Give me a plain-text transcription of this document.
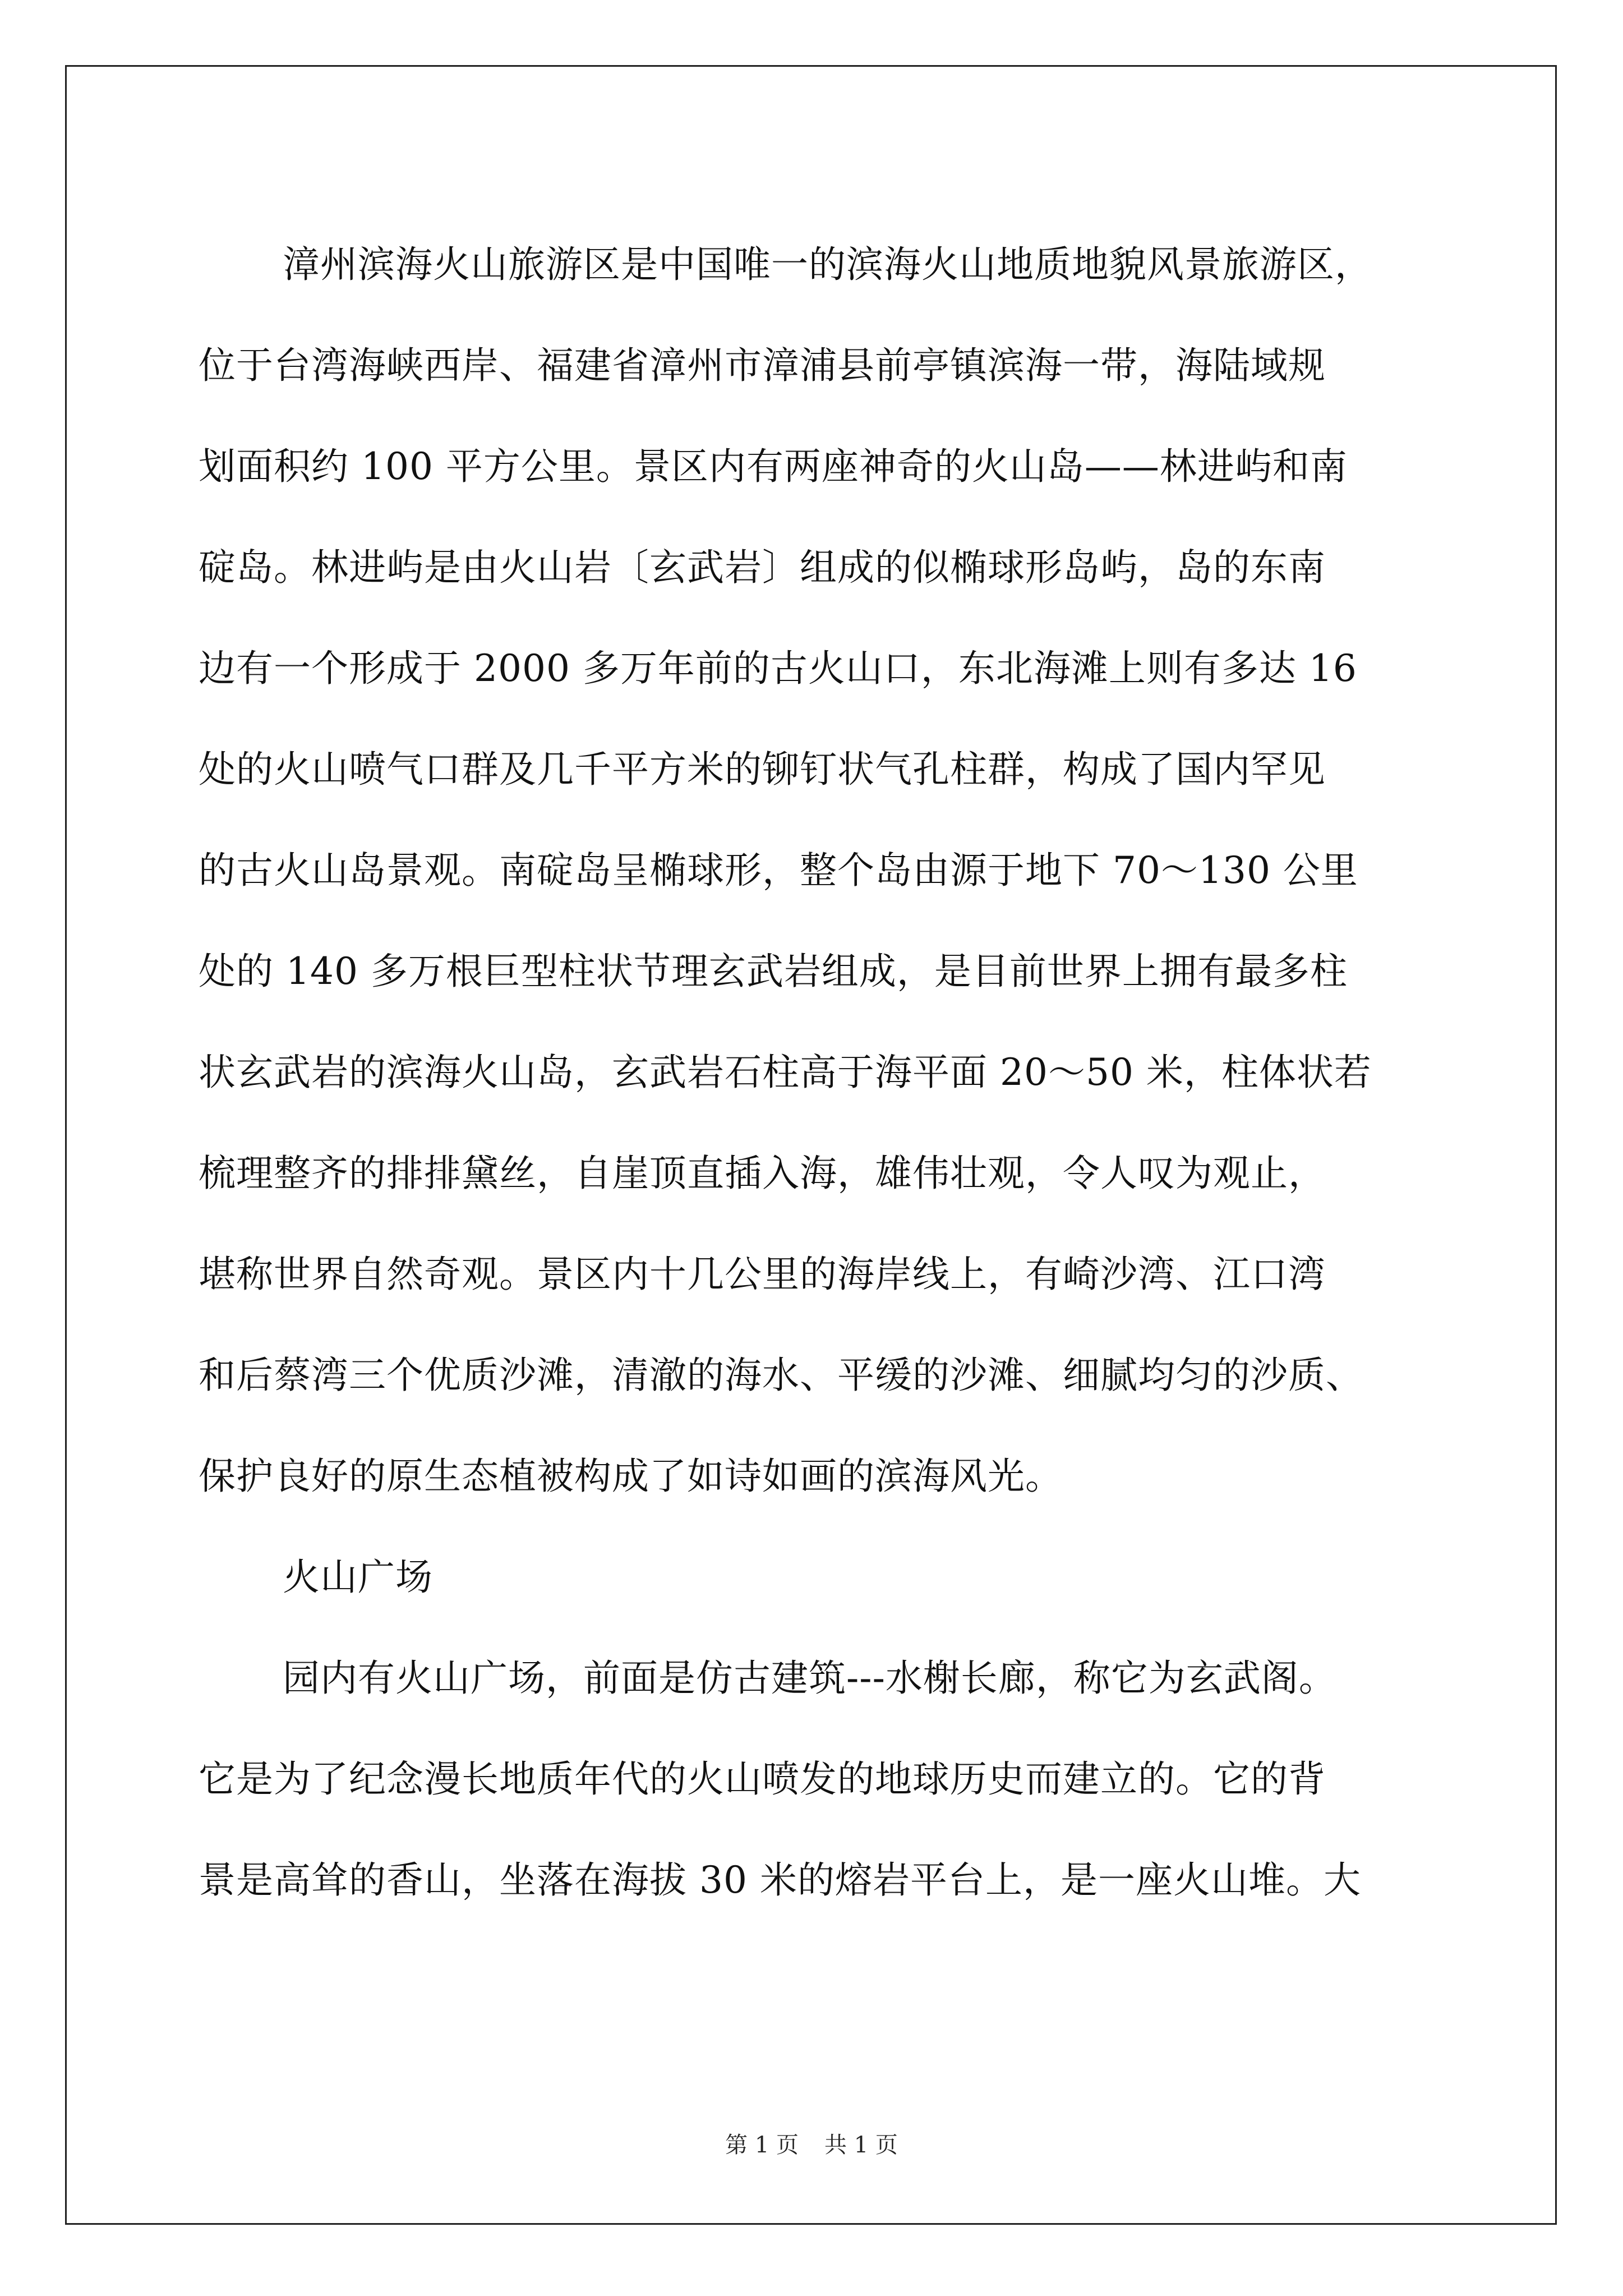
漳州滨海火山旅游区是中国唯一的滨海火山地质地貌风景旅游区，
位于台湾海峡西岸、福建省漳州市漳浦县前亭镇滨海一带，海陆域规
划面积约 100 平方公里。景区内有两座神奇的火山岛——林进屿和南
碇岛。林进屿是由火山岩〔玄武岩〕组成的似椭球形岛屿，岛的东南
边有一个形成于 2000 多万年前的古火山口，东北海滩上则有多达 16
处的火山喷气口群及几千平方米的铆钉状气孔柱群，构成了国内罕见
的古火山岛景观。南碇岛呈椭球形，整个岛由源于地下 70～130 公里
处的 140 多万根巨型柱状节理玄武岩组成，是目前世界上拥有最多柱
状玄武岩的滨海火山岛，玄武岩石柱高于海平面 20～50 米，柱体状若
梳理整齐的排排黛丝，自崖顶直插入海，雄伟壮观，令人叹为观止，
堪称世界自然奇观。景区内十几公里的海岸线上，有崎沙湾、江口湾
和后蔡湾三个优质沙滩，清澈的海水、平缓的沙滩、细腻均匀的沙质、
保护良好的原生态植被构成了如诗如画的滨海风光。
火山广场
园内有火山广场，前面是仿古建筑---水榭长廊，称它为玄武阁。
它是为了纪念漫长地质年代的火山喷发的地球历史而建立的。它的背
景是高耸的香山，坐落在海拔 30 米的熔岩平台上，是一座火山堆。大
第 1 页 共 1 页
